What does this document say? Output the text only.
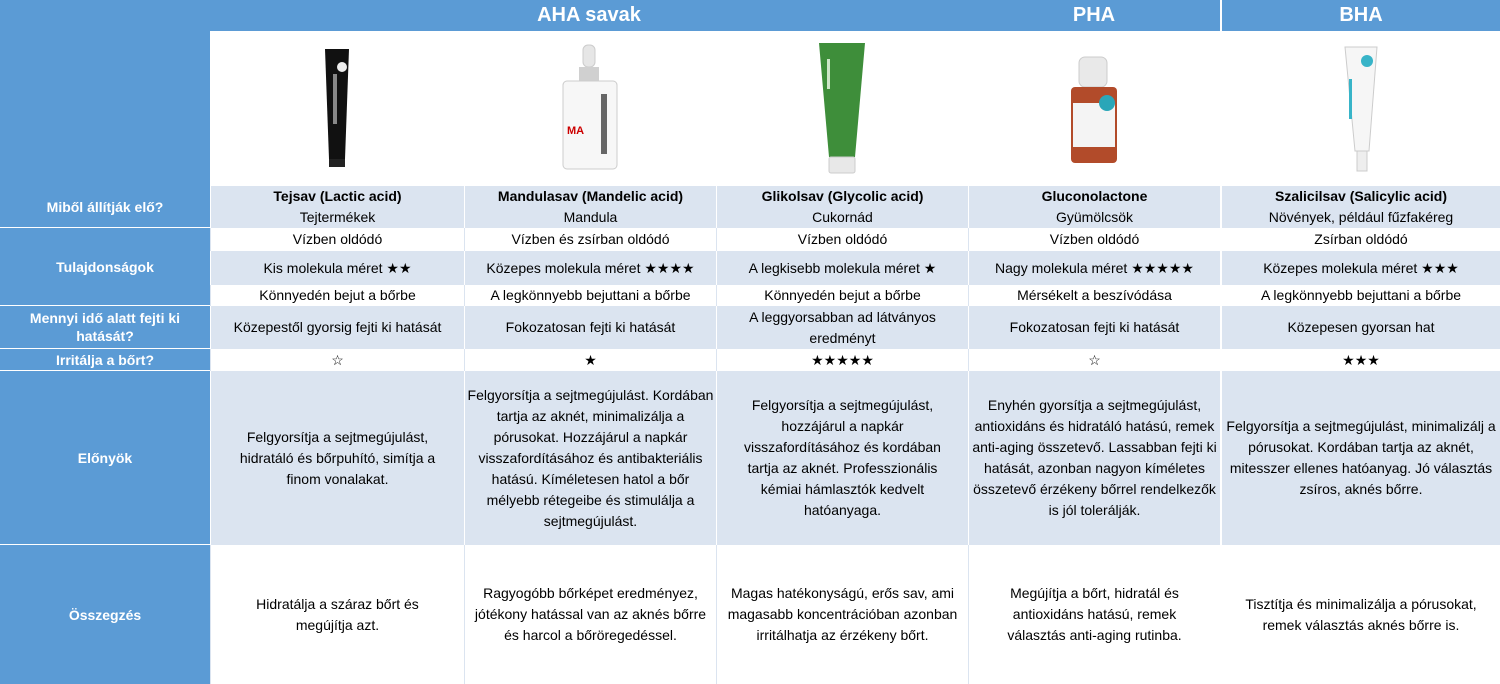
AHA savak	PHA	BHA
MA
Miből állítják elő?
Tulajdonságok
Mennyi idő alatt fejti ki hatását?
Irritálja a bőrt?
Előnyök
Összegzés
Tejsav (Lactic acid)
Tejtermékek
Vízben oldódó
Kis molekula méret ★★
Könnyedén bejut a bőrbe
Közepestől gyorsig fejti ki hatását
☆
Felgyorsítja a sejtmegújulást, hidratáló és bőrpuhító, simítja a finom vonalakat.
Hidratálja a száraz bőrt és megújítja azt.
Mandulasav (Mandelic acid)
Mandula
Vízben és zsírban oldódó
Közepes molekula méret ★★★★
A legkönnyebb bejuttani a bőrbe
Fokozatosan fejti ki hatását
★
Felgyorsítja a sejtmegújulást. Kordában tartja az aknét, minimalizálja a pórusokat. Hozzájárul a napkár visszafordításához és antibakteriális hatású. Kíméletesen hatol a bőr mélyebb rétegeibe és stimulálja a sejtmegújulást.
Ragyogóbb bőrképet eredményez, jótékony hatással van az aknés bőrre és harcol a bőröregedéssel.
Glikolsav (Glycolic acid)
Cukornád
Vízben oldódó
A legkisebb molekula méret ★
Könnyedén bejut a bőrbe
A leggyorsabban ad látványos eredményt
★★★★★
Felgyorsítja a sejtmegújulást, hozzájárul a napkár visszafordításához és kordában tartja az aknét. Professzionális kémiai hámlasztók kedvelt hatóanyaga.
Magas hatékonyságú, erős sav, ami magasabb koncentrációban azonban irritálhatja az érzékeny bőrt.
Gluconolactone
Gyümölcsök
Vízben oldódó
Nagy molekula méret ★★★★★
Mérsékelt a beszívódása
Fokozatosan fejti ki hatását
☆
Enyhén gyorsítja a sejtmegújulást, antioxidáns és hidratáló hatású, remek anti-aging összetevő. Lassabban fejti ki hatását, azonban nagyon kíméletes összetevő érzékeny bőrrel rendelkezők is jól tolerálják.
Megújítja a bőrt, hidratál és antioxidáns hatású, remek választás anti-aging rutinba.
Szalicilsav (Salicylic acid)
Növények, például fűzfakéreg
Zsírban oldódó
Közepes molekula méret ★★★
A legkönnyebb bejuttani a bőrbe
Közepesen gyorsan hat
★★★
Felgyorsítja a sejtmegújulást, minimalizálj a pórusokat. Kordában tartja az aknét, mitesszer ellenes hatóanyag. Jó választás zsíros, aknés bőrre.
Tisztítja és minimalizálja a pórusokat, remek választás aknés bőrre is.
